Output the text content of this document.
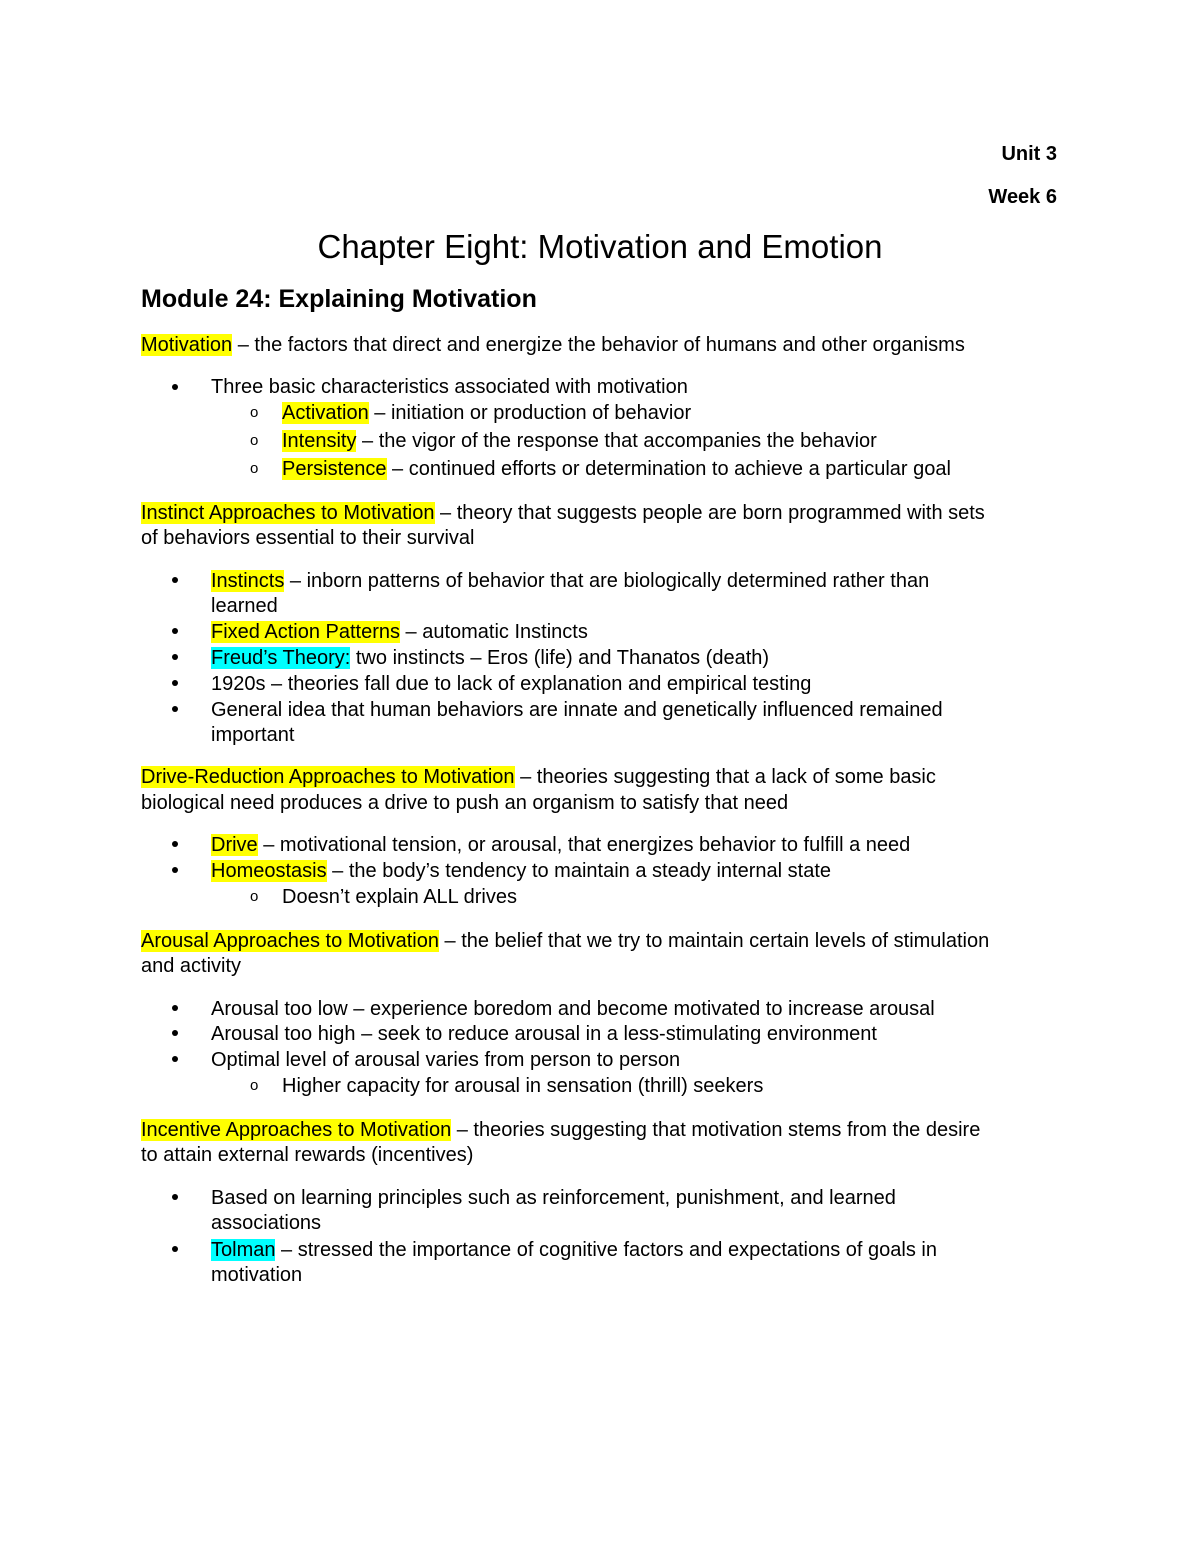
Unit 3
Week 6
Chapter Eight: Motivation and Emotion
Module 24: Explaining Motivation
Motivation – the factors that direct and energize the behavior of humans and other organisms
Three basic characteristics associated with motivation
o Activation – initiation or production of behavior
o Intensity – the vigor of the response that accompanies the behavior
o Persistence – continued efforts or determination to achieve a particular goal
Instinct Approaches to Motivation – theory that suggests people are born programmed with sets
of behaviors essential to their survival
Instincts – inborn patterns of behavior that are biologically determined rather than
learned
Fixed Action Patterns – automatic Instincts
Freud’s Theory: two instincts – Eros (life) and Thanatos (death)
1920s – theories fall due to lack of explanation and empirical testing
General idea that human behaviors are innate and genetically influenced remained
important
Drive-Reduction Approaches to Motivation – theories suggesting that a lack of some basic
biological need produces a drive to push an organism to satisfy that need
Drive – motivational tension, or arousal, that energizes behavior to fulfill a need
Homeostasis – the body’s tendency to maintain a steady internal state
o Doesn’t explain ALL drives
Arousal Approaches to Motivation – the belief that we try to maintain certain levels of stimulation
and activity
Arousal too low – experience boredom and become motivated to increase arousal
Arousal too high – seek to reduce arousal in a less-stimulating environment
Optimal level of arousal varies from person to person
o Higher capacity for arousal in sensation (thrill) seekers
Incentive Approaches to Motivation – theories suggesting that motivation stems from the desire
to attain external rewards (incentives)
Based on learning principles such as reinforcement, punishment, and learned
associations
Tolman – stressed the importance of cognitive factors and expectations of goals in
motivation
